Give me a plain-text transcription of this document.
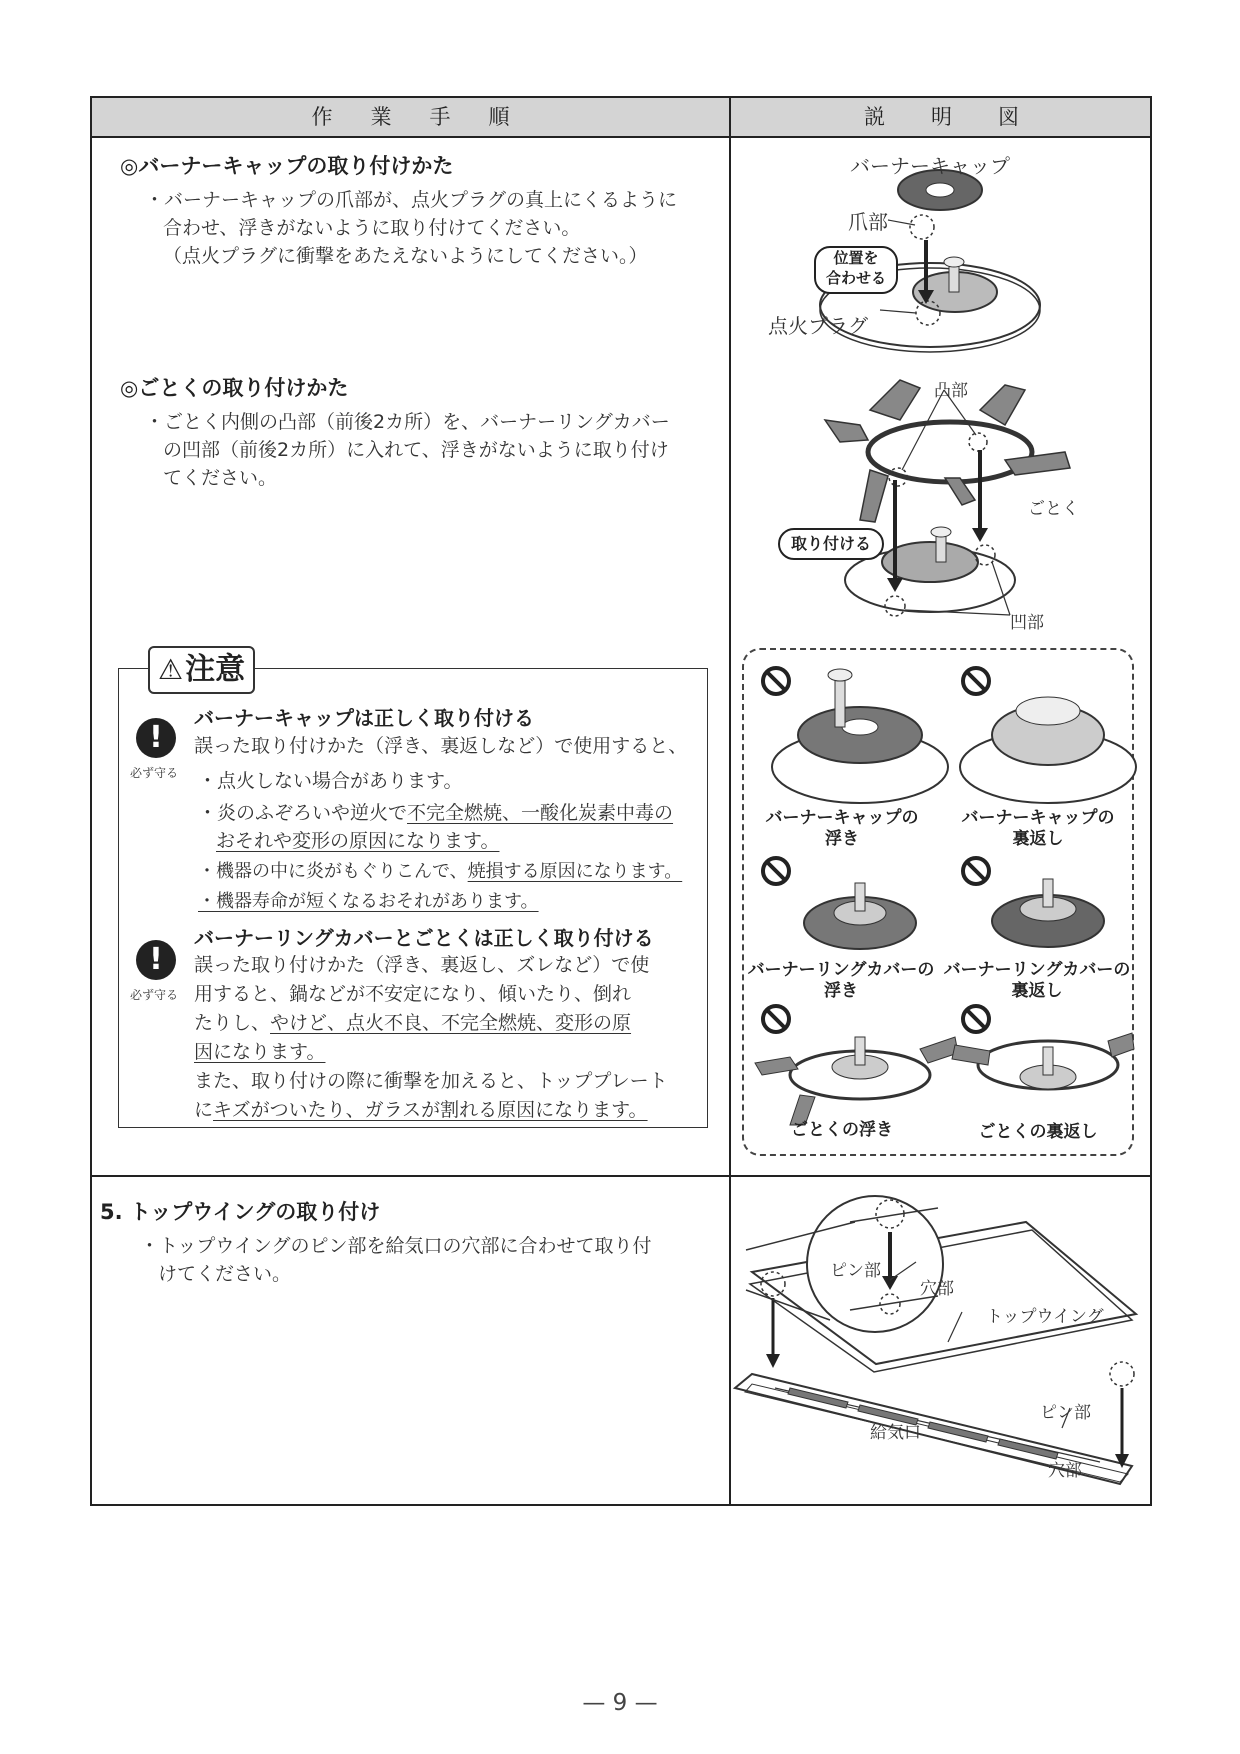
作業手順	説明図
◎バーナーキャップの取り付けかた
・バーナーキャップの爪部が、点火プラグの真上にくるように
合わせ、浮きがないように取り付けてください。
（点火プラグに衝撃をあたえないようにしてください。）
◎ごとくの取り付けかた
・ごとく内側の凸部（前後2カ所）を、バーナーリングカバー
の凹部（前後2カ所）に入れて、浮きがないように取り付け
てください。
⚠注意
!
必ず守る
バーナーキャップは正しく取り付ける
誤った取り付けかた（浮き、裏返しなど）で使用すると、
・点火しない場合があります。
・炎のふぞろいや逆火で不完全燃焼、一酸化炭素中毒の
おそれや変形の原因になります。
・機器の中に炎がもぐりこんで、焼損する原因になります。
・機器寿命が短くなるおそれがあります。
!
必ず守る
バーナーリングカバーとごとくは正しく取り付ける
誤った取り付けかた（浮き、裏返し、ズレなど）で使
用すると、鍋などが不安定になり、傾いたり、倒れ
たりし、やけど、点火不良、不完全燃焼、変形の原
因になります。
また、取り付けの際に衝撃を加えると、トッププレート
にキズがついたり、ガラスが割れる原因になります。
バーナーキャップ
爪部
位置を
合わせる
点火プラグ
凸部
ごとく
凹部
取り付ける
バーナーキャップの
浮き
バーナーキャップの
裏返し
バーナーリングカバーの
浮き
バーナーリングカバーの
裏返し
ごとくの浮き	ごとくの裏返し
5. トップウイングの取り付け
・トップウイングのピン部を給気口の穴部に合わせて取り付
けてください。	ピン部
穴部
トップウイング
ピン部
給気口
穴部
— 9 —
